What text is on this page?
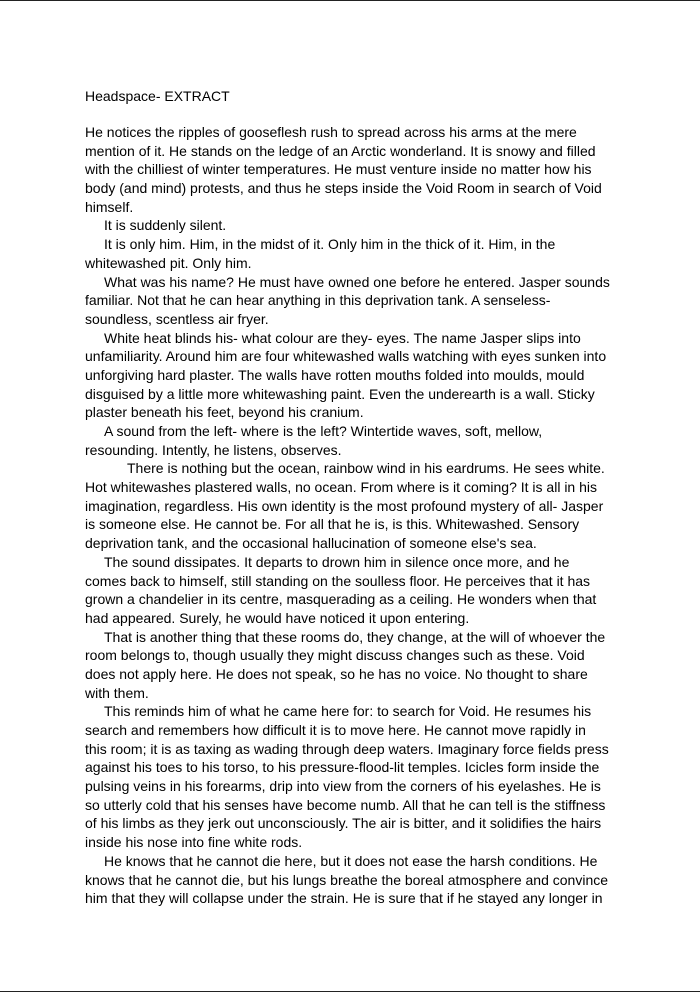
Headspace- EXTRACT
He notices the ripples of gooseflesh rush to spread across his arms at the mere
mention of it. He stands on the ledge of an Arctic wonderland. It is snowy and filled
with the chilliest of winter temperatures. He must venture inside no matter how his
body (and mind) protests, and thus he steps inside the Void Room in search of Void
himself.
It is suddenly silent.
It is only him. Him, in the midst of it. Only him in the thick of it. Him, in the
whitewashed pit. Only him.
What was his name? He must have owned one before he entered. Jasper sounds
familiar. Not that he can hear anything in this deprivation tank. A senseless-
soundless, scentless air fryer.
White heat blinds his- what colour are they- eyes. The name Jasper slips into
unfamiliarity. Around him are four whitewashed walls watching with eyes sunken into
unforgiving hard plaster. The walls have rotten mouths folded into moulds, mould
disguised by a little more whitewashing paint. Even the underearth is a wall. Sticky
plaster beneath his feet, beyond his cranium.
A sound from the left- where is the left? Wintertide waves, soft, mellow,
resounding. Intently, he listens, observes.
There is nothing but the ocean, rainbow wind in his eardrums. He sees white.
Hot whitewashes plastered walls, no ocean. From where is it coming? It is all in his
imagination, regardless. His own identity is the most profound mystery of all- Jasper
is someone else. He cannot be. For all that he is, is this. Whitewashed. Sensory
deprivation tank, and the occasional hallucination of someone else's sea.
The sound dissipates. It departs to drown him in silence once more, and he
comes back to himself, still standing on the soulless floor. He perceives that it has
grown a chandelier in its centre, masquerading as a ceiling. He wonders when that
had appeared. Surely, he would have noticed it upon entering.
That is another thing that these rooms do, they change, at the will of whoever the
room belongs to, though usually they might discuss changes such as these. Void
does not apply here. He does not speak, so he has no voice. No thought to share
with them.
This reminds him of what he came here for: to search for Void. He resumes his
search and remembers how difficult it is to move here. He cannot move rapidly in
this room; it is as taxing as wading through deep waters. Imaginary force fields press
against his toes to his torso, to his pressure-flood-lit temples. Icicles form inside the
pulsing veins in his forearms, drip into view from the corners of his eyelashes. He is
so utterly cold that his senses have become numb. All that he can tell is the stiffness
of his limbs as they jerk out unconsciously. The air is bitter, and it solidifies the hairs
inside his nose into fine white rods.
He knows that he cannot die here, but it does not ease the harsh conditions. He
knows that he cannot die, but his lungs breathe the boreal atmosphere and convince
him that they will collapse under the strain. He is sure that if he stayed any longer in
